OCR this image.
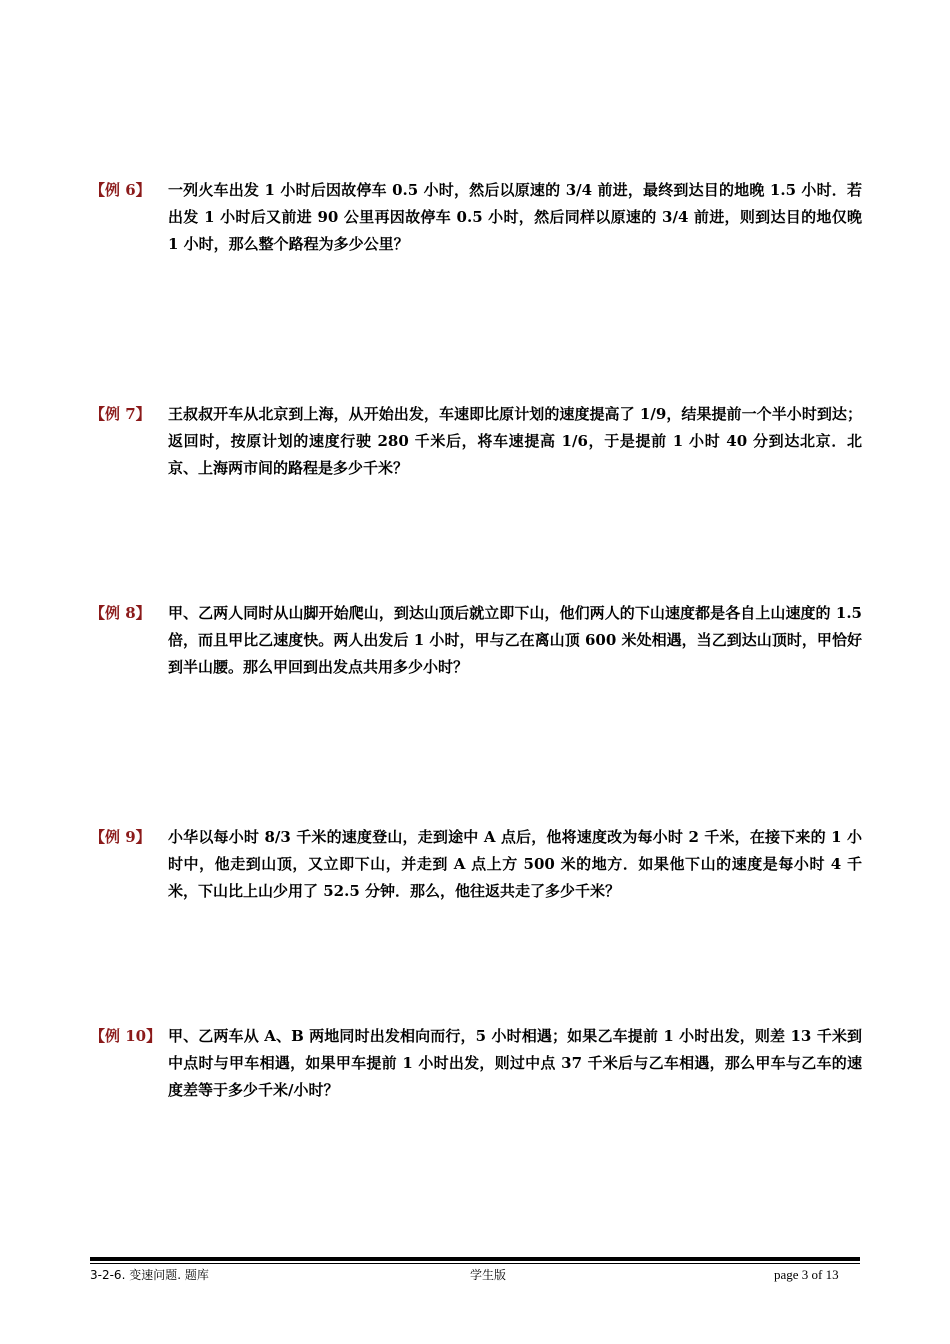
【例 6】 一列火车出发 1 小时后因故停车 0.5 小时，然后以原速的 3/4 前进，最终到达目的地晚 1.5 小时．若出发 1 小时后又前进 90 公里再因故停车 0.5 小时，然后同样以原速的 3/4 前进，则到达目的地仅晚 1 小时，那么整个路程为多少公里？
【例 7】 王叔叔开车从北京到上海，从开始出发，车速即比原计划的速度提高了 1/9，结果提前一个半小时到达；返回时，按原计划的速度行驶 280 千米后，将车速提高 1/6，于是提前 1 小时 40 分到达北京．北京、上海两市间的路程是多少千米？
【例 8】 甲、乙两人同时从山脚开始爬山，到达山顶后就立即下山，他们两人的下山速度都是各自上山速度的 1.5 倍，而且甲比乙速度快。两人出发后 1 小时，甲与乙在离山顶 600 米处相遇，当乙到达山顶时，甲恰好到半山腰。那么甲回到出发点共用多少小时？
【例 9】 小华以每小时 8/3 千米的速度登山，走到途中 A 点后，他将速度改为每小时 2 千米，在接下来的 1 小时中，他走到山顶，又立即下山，并走到 A 点上方 500 米的地方．如果他下山的速度是每小时 4 千米，下山比上山少用了 52.5 分钟．那么，他往返共走了多少千米？
【例 10】 甲、乙两车从 A、B 两地同时出发相向而行，5 小时相遇；如果乙车提前 1 小时出发，则差 13 千米到中点时与甲车相遇，如果甲车提前 1 小时出发，则过中点 37 千米后与乙车相遇，那么甲车与乙车的速度差等于多少千米/小时？
3-2-6. 变速问题. 题库	学生版	page 3 of 13
